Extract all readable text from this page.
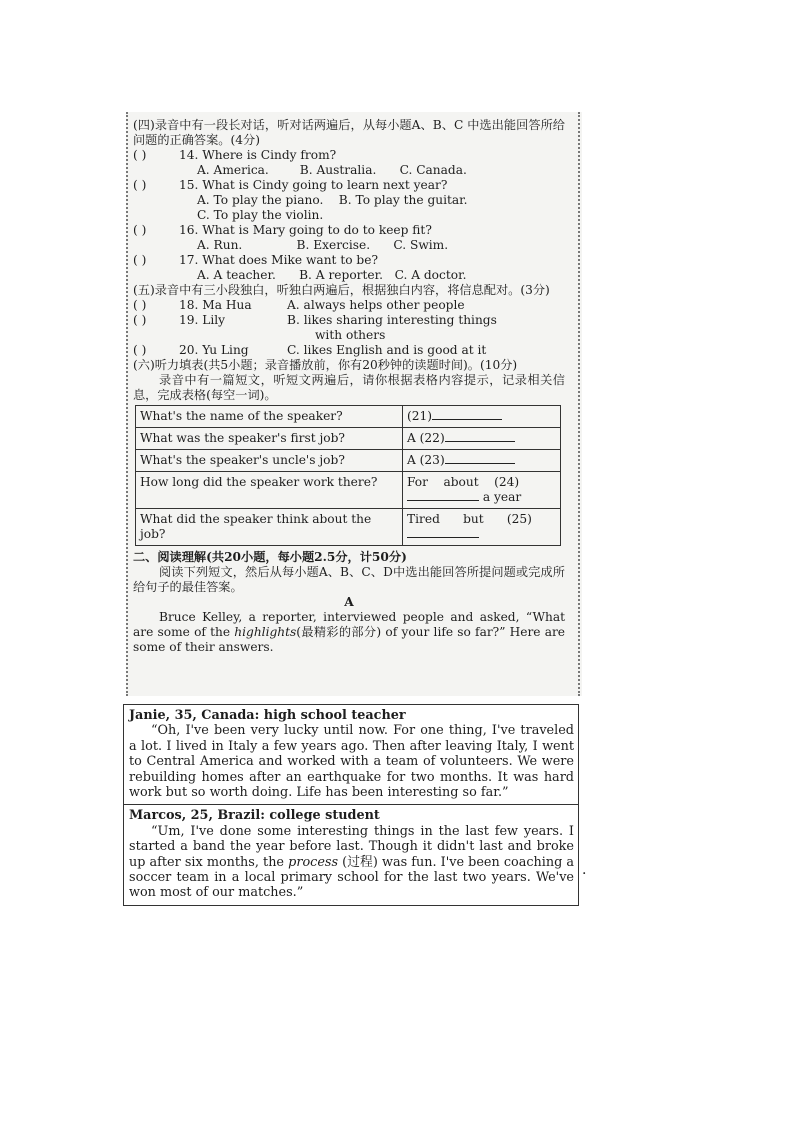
(四)录音中有一段长对话，听对话两遍后，从每小题A、B、C 中选出能回答所给问题的正确答案。(4分)
( )	14. Where is Cindy from?
A. America.        B. Australia.      C. Canada.
( )	15. What is Cindy going to learn next year?
A. To play the piano.    B. To play the guitar.
C. To play the violin.
( )	16. What is Mary going to do to keep fit?
A. Run.              B. Exercise.      C. Swim.
( )	17. What does Mike want to be?
A. A teacher.      B. A reporter.   C. A doctor.
(五)录音中有三小段独白，听独白两遍后，根据独白内容，将信息配对。(3分)
( )	18. Ma Hua	A. always helps other people
( )	19. Lily	B. likes sharing interesting things
with others
( )	20. Yu Ling	C. likes English and is good at it
(六)听力填表(共5小题；录音播放前，你有20秒钟的读题时间)。(10分)
录音中有一篇短文，听短文两遍后，请你根据表格内容提示，记录相关信息，完成表格(每空一词)。
What's the name of the speaker?	(21)
What was the speaker's first job?	A (22)
What's the speaker's uncle's job?	A (23)
How long did the speaker work there?	For    about    (24)
a year
What did the speaker think about the job?	Tired      but      (25)
二、阅读理解(共20小题，每小题2.5分，计50分)
阅读下列短文，然后从每小题A、B、C、D中选出能回答所提问题或完成所给句子的最佳答案。
A
Bruce Kelley, a reporter, interviewed people and asked, “What are some of the highlights(最精彩的部分) of your life so far?” Here are some of their answers.
Janie, 35, Canada: high school teacher

“Oh, I've been very lucky until now. For one thing, I've traveled a lot. I lived in Italy a few years ago. Then after leaving Italy, I went to Central America and worked with a team of volunteers. We were rebuilding homes after an earthquake for two months. It was hard work but so worth doing. Life has been interesting so far.”

Marcos, 25, Brazil: college student

“Um, I've done some interesting things in the last few years. I started a band the year before last. Though it didn't last and broke up after six months, the process (过程) was fun. I've been coaching a soccer team in a local primary school for the last two years. We've won most of our matches.”

·
